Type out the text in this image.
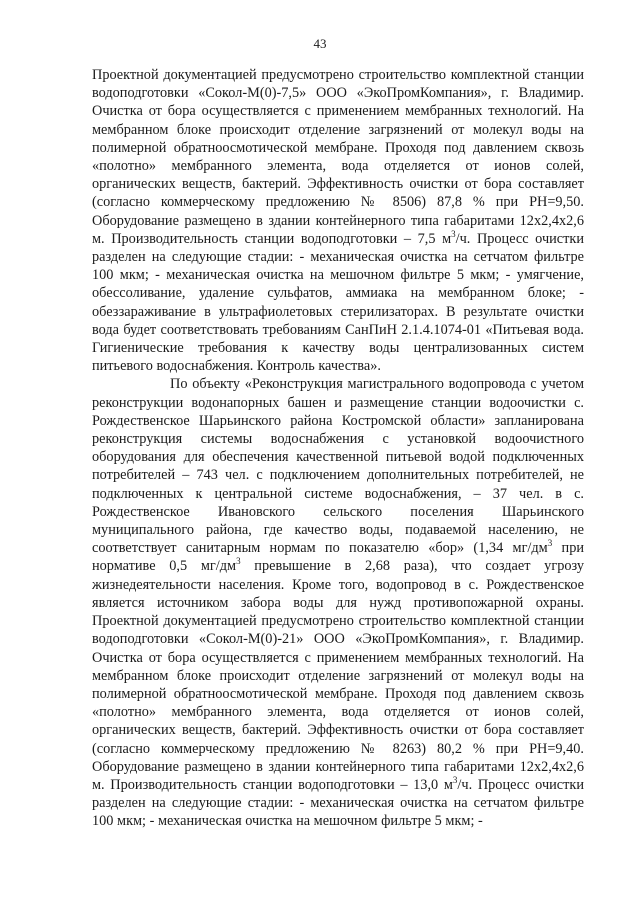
43

Проектной документацией предусмотрено строительство комплектной станции водоподготовки «Сокол-М(0)-7,5» ООО «ЭкоПромКомпания», г. Владимир. Очистка от бора осуществляется с применением мембранных технологий. На мембранном блоке происходит отделение загрязнений от молекул воды на полимерной обратноосмотической мембране. Проходя под давлением сквозь «полотно» мембранного элемента, вода отделяется от ионов солей, органических веществ, бактерий. Эффективность очистки от бора составляет (согласно коммерческому предложению № 8506) 87,8 % при РН=9,50. Оборудование размещено в здании контейнерного типа габаритами 12х2,4х2,6 м. Производительность станции водоподготовки – 7,5 $м^3/ч$. Процесс очистки разделен на следующие стадии: - механическая очистка на сетчатом фильтре 100 мкм; - механическая очистка на мешочном фильтре 5 мкм; - умягчение, обессоливание, удаление сульфатов, аммиака на мембранном блоке; - обеззараживание в ультрафиолетовых стерилизаторах. В результате очистки вода будет соответствовать требованиям СанПиН 2.1.4.1074-01 «Питьевая вода. Гигиенические требования к качеству воды централизованных систем питьевого водоснабжения. Контроль качества».

По объекту «Реконструкция магистрального водопровода с учетом реконструкции водонапорных башен и размещение станции водоочистки с. Рождественское Шарьинского района Костромской области» запланирована реконструкция системы водоснабжения с установкой водоочистного оборудования для обеспечения качественной питьевой водой подключенных потребителей – 743 чел. с подключением дополнительных потребителей, не подключенных к центральной системе водоснабжения, – 37 чел. в с. Рождественское Ивановского сельского поселения Шарьинского муниципального района, где качество воды, подаваемой населению, не соответствует санитарным нормам по показателю «бор» (1,34 $мг/дм^3$ при нормативе 0,5 $мг/дм^3$ превышение в 2,68 раза), что создает угрозу жизнедеятельности населения. Кроме того, водопровод в с. Рождественское является источником забора воды для нужд противопожарной охраны. Проектной документацией предусмотрено строительство комплектной станции водоподготовки «Сокол-М(0)-21» ООО «ЭкоПромКомпания», г. Владимир. Очистка от бора осуществляется с применением мембранных технологий. На мембранном блоке происходит отделение загрязнений от молекул воды на полимерной обратноосмотической мембране. Проходя под давлением сквозь «полотно» мембранного элемента, вода отделяется от ионов солей, органических веществ, бактерий. Эффективность очистки от бора составляет (согласно коммерческому предложению № 8263) 80,2 % при РН=9,40. Оборудование размещено в здании контейнерного типа габаритами 12х2,4х2,6 м. Производительность станции водоподготовки – 13,0 $м^3/ч$. Процесс очистки разделен на следующие стадии: - механическая очистка на сетчатом фильтре 100 мкм; - механическая очистка на мешочном фильтре 5 мкм; -
